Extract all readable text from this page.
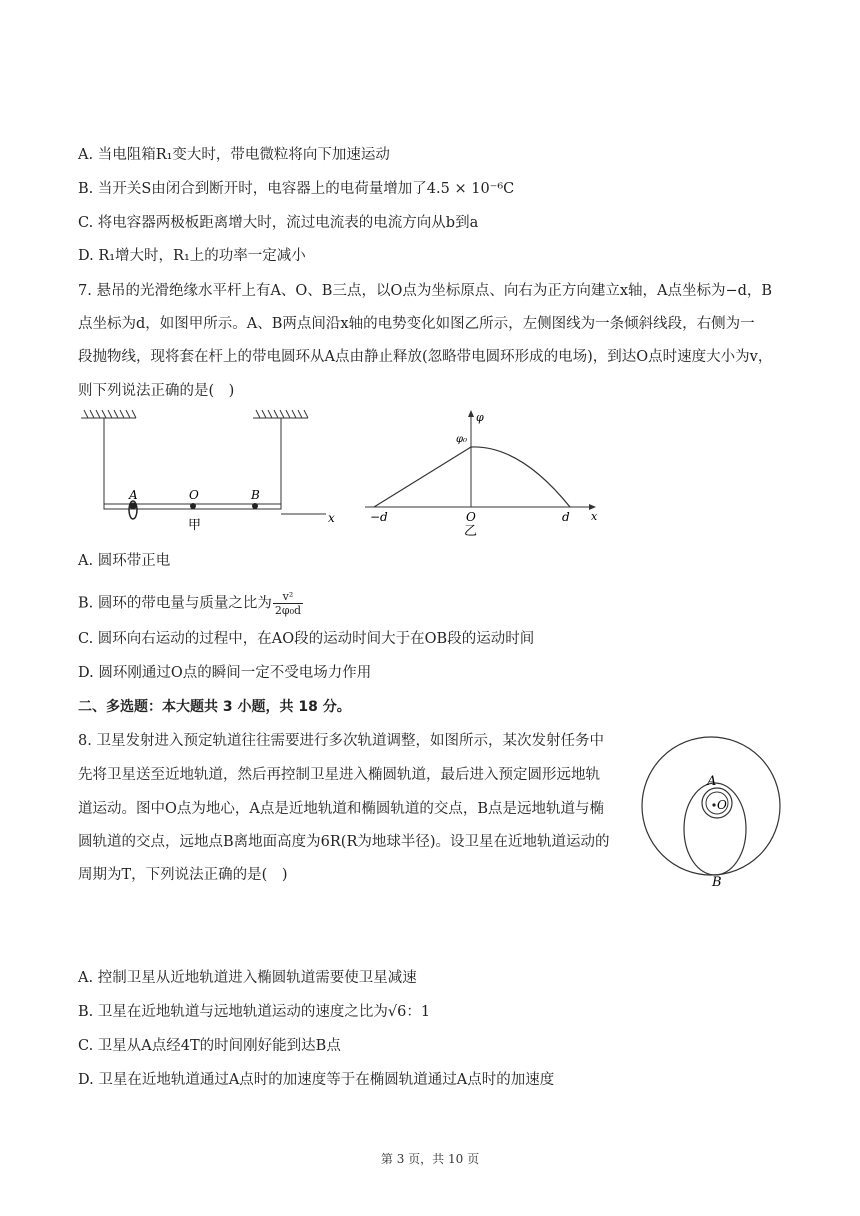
A. 当电阻箱R₁变大时，带电微粒将向下加速运动
B. 当开关S由闭合到断开时，电容器上的电荷量增加了4.5 × 10⁻⁶C
C. 将电容器两极板距离增大时，流过电流表的电流方向从b到a
D. R₁增大时，R₁上的功率一定减小
7. 悬吊的光滑绝缘水平杆上有A、O、B三点，以O点为坐标原点、向右为正方向建立x轴，A点坐标为−d，B
点坐标为d，如图甲所示。A、B两点间沿x轴的电势变化如图乙所示，左侧图线为一条倾斜线段，右侧为一
段抛物线，现将套在杆上的带电圆环从A点由静止释放(忽略带电圆环形成的电场)，到达O点时速度大小为v，
则下列说法正确的是(　)
x
A	O	B
甲
x
φ
φ₀
−d	O	d
乙
A. 圆环带正电
B. 圆环的带电量与质量之比为 $\frac{\text{v²}}{\text{2φ₀d}}$
C. 圆环向右运动的过程中，在AO段的运动时间大于在OB段的运动时间
D. 圆环刚通过O点的瞬间一定不受电场力作用
二、多选题：本大题共 3 小题，共 18 分。
8. 卫星发射进入预定轨道往往需要进行多次轨道调整，如图所示，某次发射任务中
先将卫星送至近地轨道，然后再控制卫星进入椭圆轨道，最后进入预定圆形远地轨
道运动。图中O点为地心，A点是近地轨道和椭圆轨道的交点，B点是远地轨道与椭
圆轨道的交点，远地点B离地面高度为6R(R为地球半径)。设卫星在近地轨道运动的
周期为T，下列说法正确的是(　)
A
O
B
A. 控制卫星从近地轨道进入椭圆轨道需要使卫星减速
B. 卫星在近地轨道与远地轨道运动的速度之比为√6：1
C. 卫星从A点经4T的时间刚好能到达B点
D. 卫星在近地轨道通过A点时的加速度等于在椭圆轨道通过A点时的加速度
第 3 页，共 10 页
